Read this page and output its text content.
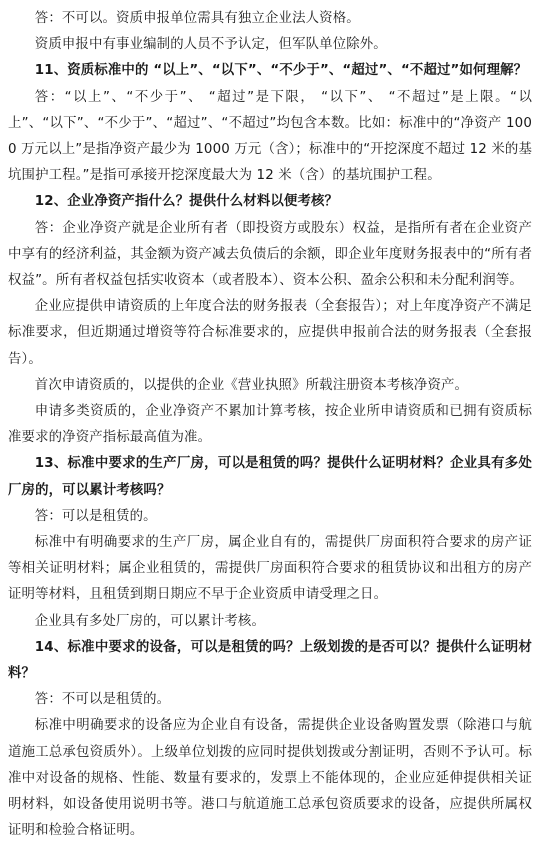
答：不可以。资质申报单位需具有独立企业法人资格。

资质申报中有事业编制的人员不予认定，但军队单位除外。

11、资质标准中的 “以上”、“以下”、“不少于”、“超过”、“不超过”如何理解？

答：“以上”、“不少于”、 “超过”是下限， “以下”、 “不超过”是上限。“以上”、“以下”、“不少于”、“超过”、“不超过”均包含本数。比如：标准中的“净资产 1000 万元以上”是指净资产最少为 1000 万元（含）；标准中的“开挖深度不超过 12 米的基坑围护工程。”是指可承接开挖深度最大为 12 米（含）的基坑围护工程。

12、企业净资产指什么？提供什么材料以便考核？

答：企业净资产就是企业所有者（即投资方或股东）权益，是指所有者在企业资产中享有的经济利益，其金额为资产减去负债后的余额，即企业年度财务报表中的“所有者权益”。所有者权益包括实收资本（或者股本）、资本公积、盈余公积和未分配利润等。

企业应提供申请资质的上年度合法的财务报表（全套报告）；对上年度净资产不满足标准要求，但近期通过增资等符合标准要求的，应提供申报前合法的财务报表（全套报告）。

首次申请资质的，以提供的企业《营业执照》所载注册资本考核净资产。

申请多类资质的，企业净资产不累加计算考核，按企业所申请资质和已拥有资质标准要求的净资产指标最高值为准。

13、标准中要求的生产厂房，可以是租赁的吗？提供什么证明材料？企业具有多处厂房的，可以累计考核吗？

答：可以是租赁的。

标准中有明确要求的生产厂房，属企业自有的，需提供厂房面积符合要求的房产证等相关证明材料；属企业租赁的，需提供厂房面积符合要求的租赁协议和出租方的房产证明等材料，且租赁到期日期应不早于企业资质申请受理之日。

企业具有多处厂房的，可以累计考核。

14、标准中要求的设备，可以是租赁的吗？上级划拨的是否可以？提供什么证明材料？

答：不可以是租赁的。

标准中明确要求的设备应为企业自有设备，需提供企业设备购置发票（除港口与航道施工总承包资质外）。上级单位划拨的应同时提供划拨或分割证明，否则不予认可。标准中对设备的规格、性能、数量有要求的，发票上不能体现的，企业应延伸提供相关证明材料，如设备使用说明书等。港口与航道施工总承包资质要求的设备，应提供所属权证明和检验合格证明。
